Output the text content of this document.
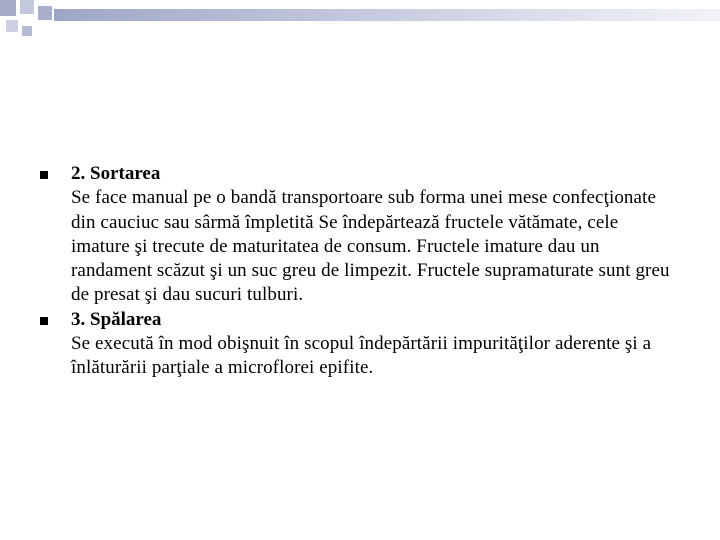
2. Sortarea
Se face manual pe o bandă transportoare sub forma unei mese confecţionate din cauciuc sau sârmă împletită Se îndepărtează fructele vătămate, cele imature şi trecute de maturitatea de consum. Fructele imature dau un randament scăzut şi un suc greu de limpezit. Fructele supramaturate sunt greu de presat şi dau sucuri tulburi.
3. Spălarea
Se execută în mod obişnuit în scopul îndepărtării impurităţilor aderente şi a înlăturării parţiale a microflorei epifite.
